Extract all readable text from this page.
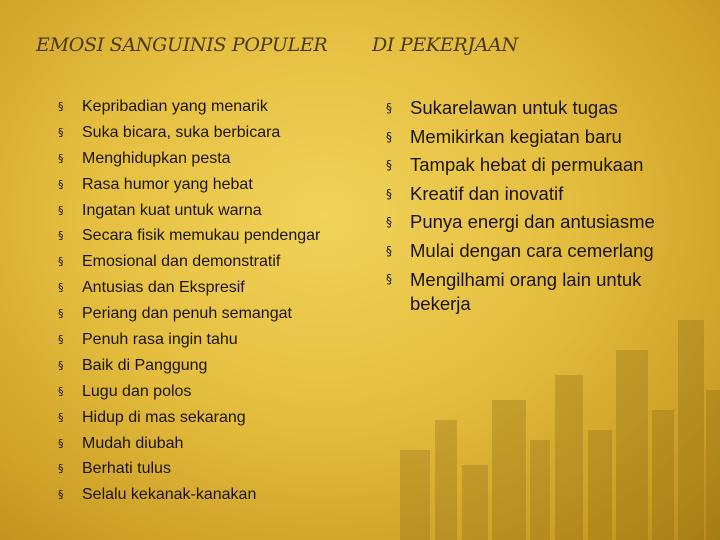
EMOSI SANGUINIS POPULER DI PEKERJAAN
§ Kepribadian yang menarik
§ Suka bicara, suka berbicara
§ Menghidupkan pesta
§ Rasa humor yang hebat
§ Ingatan kuat untuk warna
§ Secara fisik memukau pendengar
§ Emosional dan demonstratif
§ Antusias dan Ekspresif
§ Periang dan penuh semangat
§ Penuh rasa ingin tahu
§ Baik di Panggung
§ Lugu dan polos
§ Hidup di mas sekarang
§ Mudah diubah
§ Berhati tulus
§ Selalu kekanak-kanakan
§ Sukarelawan untuk tugas
§ Memikirkan kegiatan baru
§ Tampak hebat di permukaan
§ Kreatif dan inovatif
§ Punya energi dan antusiasme
§ Mulai dengan cara cemerlang
§ Mengilhami orang lain untuk bekerja
